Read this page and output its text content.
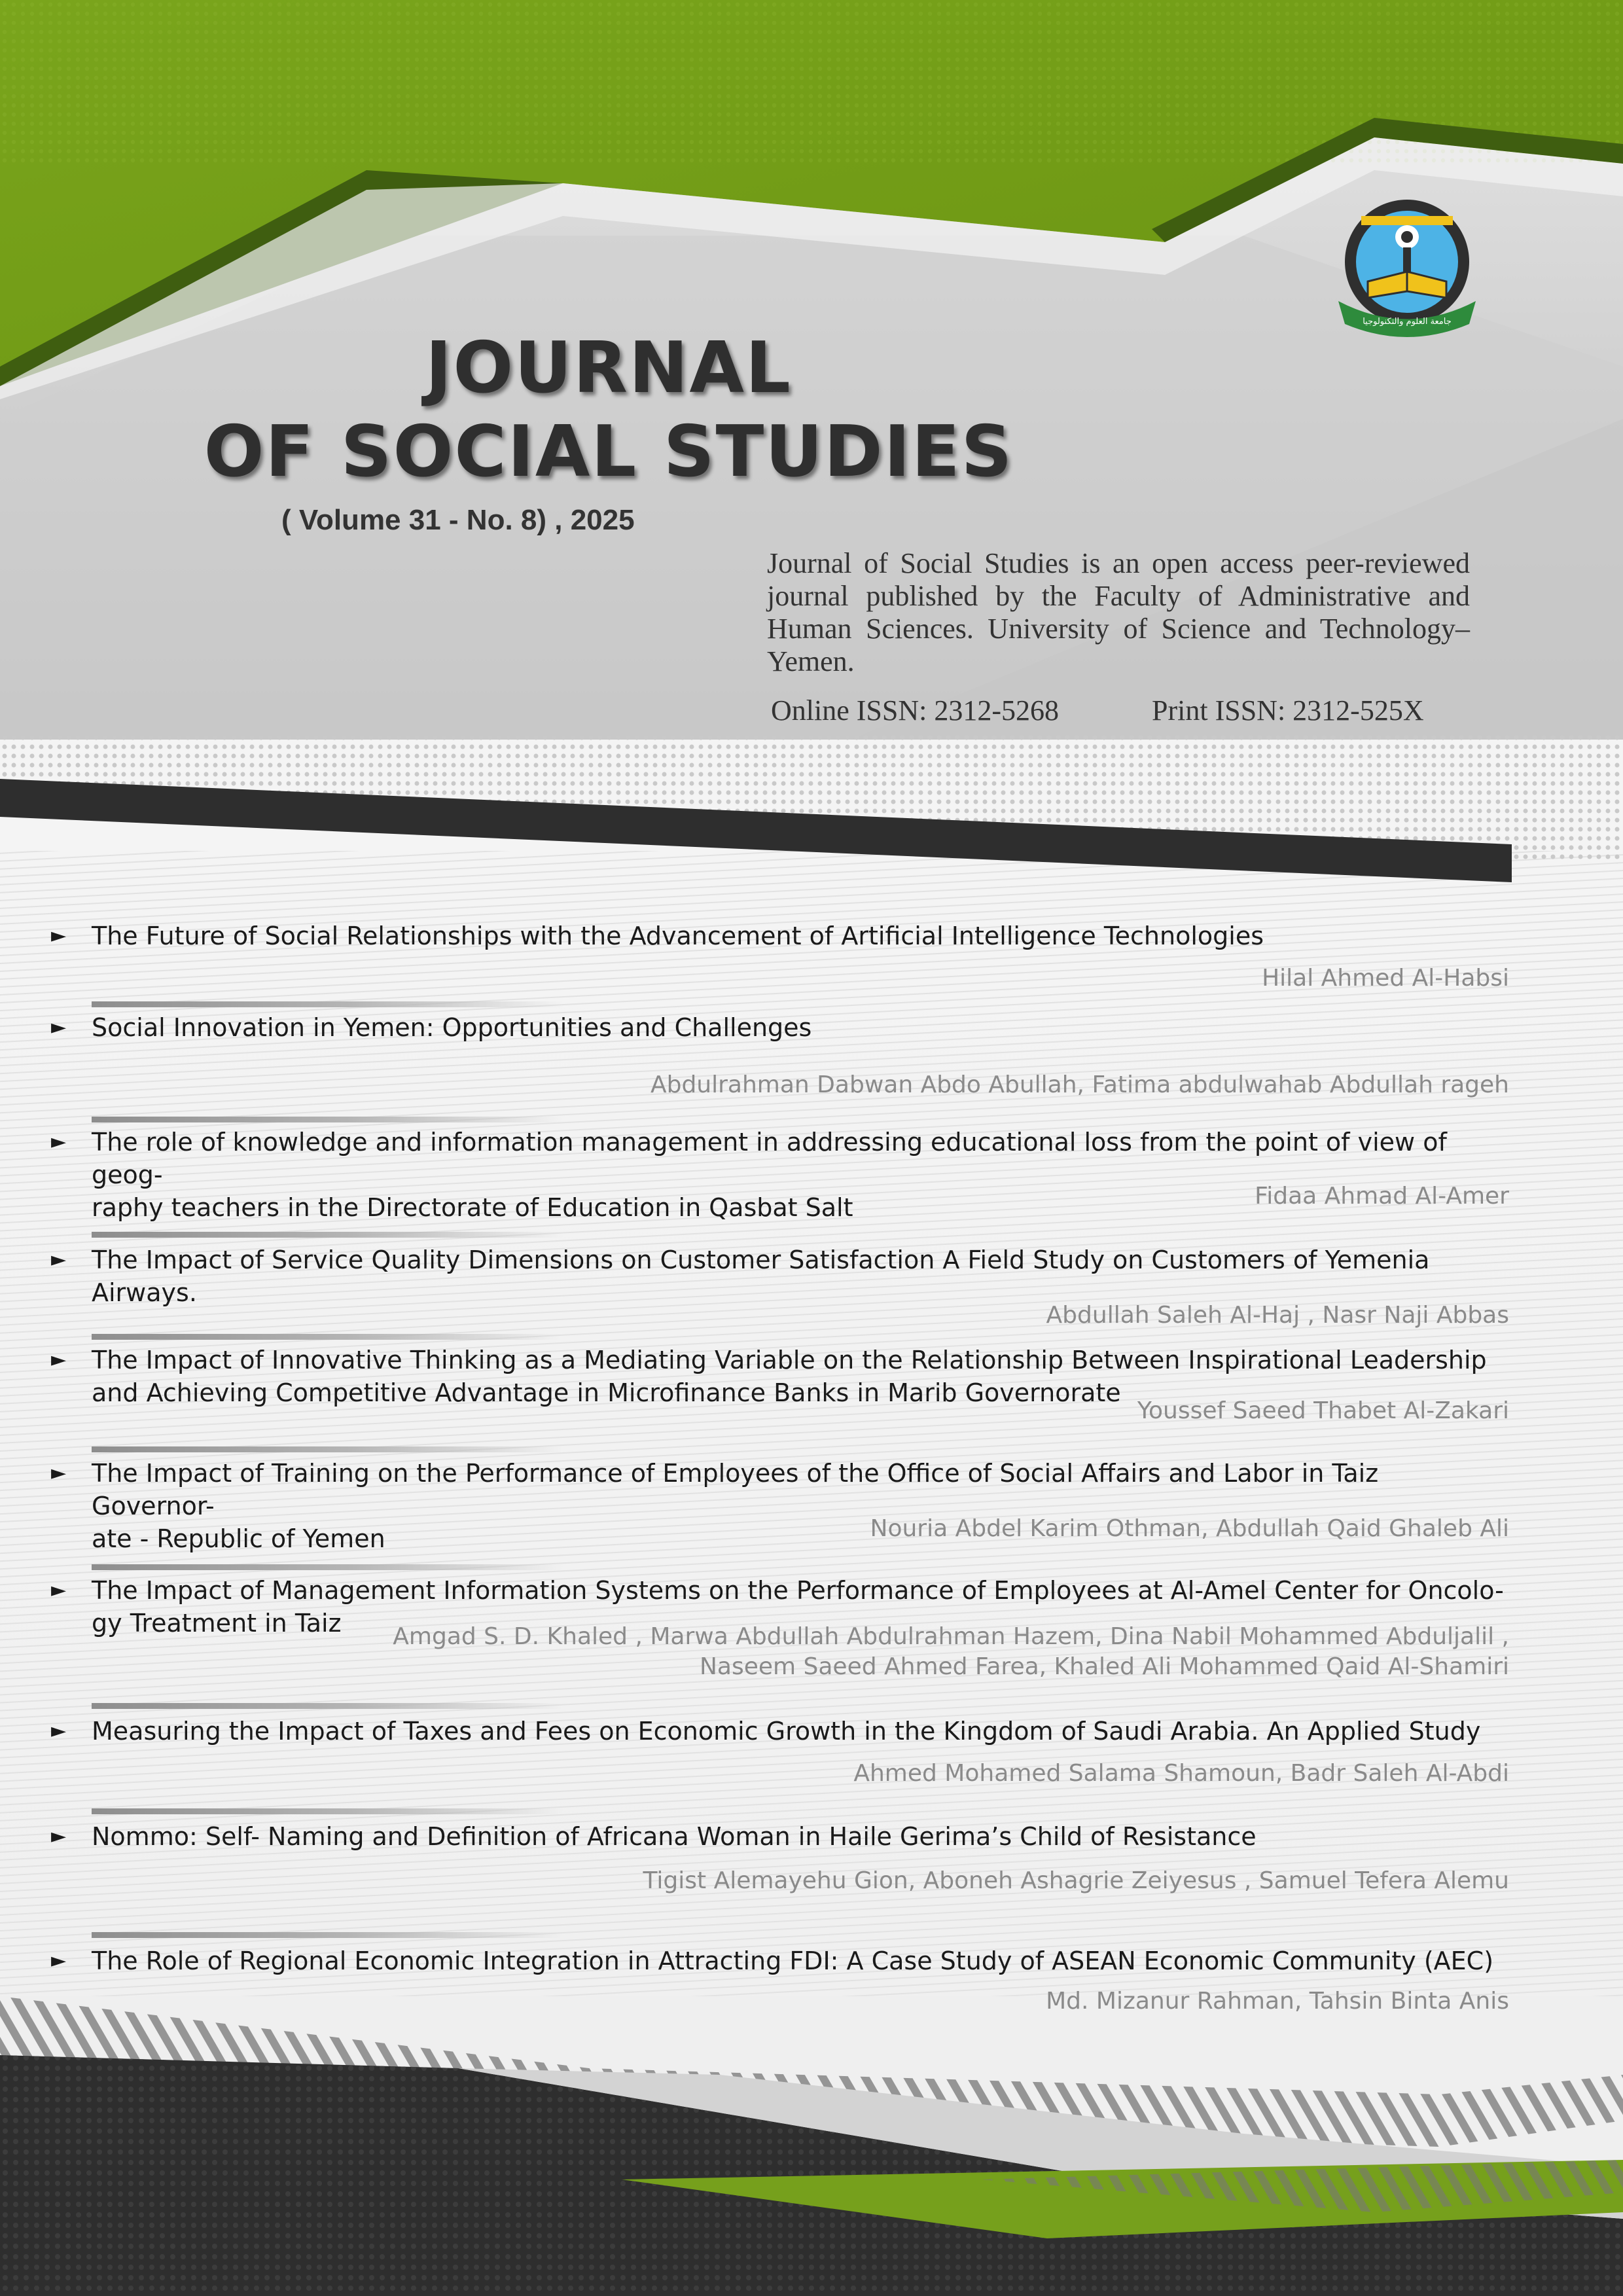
جامعة العلوم والتكنولوجيا
JOURNAL
OF SOCIAL STUDIES
( Volume 31 - No. 8) , 2025
Journal of Social Studies is an open access peer-reviewed journal published by the Faculty of Administrative and Human Sciences. University of Science and Technology– Yemen.
Online ISSN: 2312-5268	Print ISSN: 2312-525X
► The Future of Social Relationships with the Advancement of Artificial Intelligence Technologies
Hilal Ahmed Al-Habsi
► Social Innovation in Yemen: Opportunities and Challenges
Abdulrahman Dabwan Abdo Abullah, Fatima abdulwahab Abdullah rageh
► The role of knowledge and information management in addressing educational loss from the point of view of geog-
raphy teachers in the Directorate of Education in Qasbat Salt	Fidaa Ahmad Al-Amer
► The Impact of Service Quality Dimensions on Customer Satisfaction A Field Study on Customers of Yemenia Airways.
Abdullah Saleh Al-Haj , Nasr Naji Abbas
► The Impact of Innovative Thinking as a Mediating Variable on the Relationship Between Inspirational Leadership
and Achieving Competitive Advantage in Microfinance Banks in Marib Governorate
Youssef Saeed Thabet Al-Zakari
► The Impact of Training on the Performance of Employees of the Office of Social Affairs and Labor in Taiz Governor-
ate - Republic of Yemen	Nouria Abdel Karim Othman, Abdullah Qaid Ghaleb Ali
► The Impact of Management Information Systems on the Performance of Employees at Al-Amel Center for Oncolo-
gy Treatment in Taiz	Amgad S. D. Khaled , Marwa Abdullah Abdulrahman Hazem, Dina Nabil Mohammed Abduljalil ,
Naseem Saeed Ahmed Farea, Khaled Ali Mohammed Qaid Al-Shamiri
► Measuring the Impact of Taxes and Fees on Economic Growth in the Kingdom of Saudi Arabia. An Applied Study
Ahmed Mohamed Salama Shamoun, Badr Saleh Al-Abdi
► Nommo: Self- Naming and Definition of Africana Woman in Haile Gerima’s Child of Resistance
Tigist Alemayehu Gion, Aboneh Ashagrie Zeiyesus , Samuel Tefera Alemu
► The Role of Regional Economic Integration in Attracting FDI: A Case Study of ASEAN Economic Community (AEC)
Md. Mizanur Rahman, Tahsin Binta Anis
